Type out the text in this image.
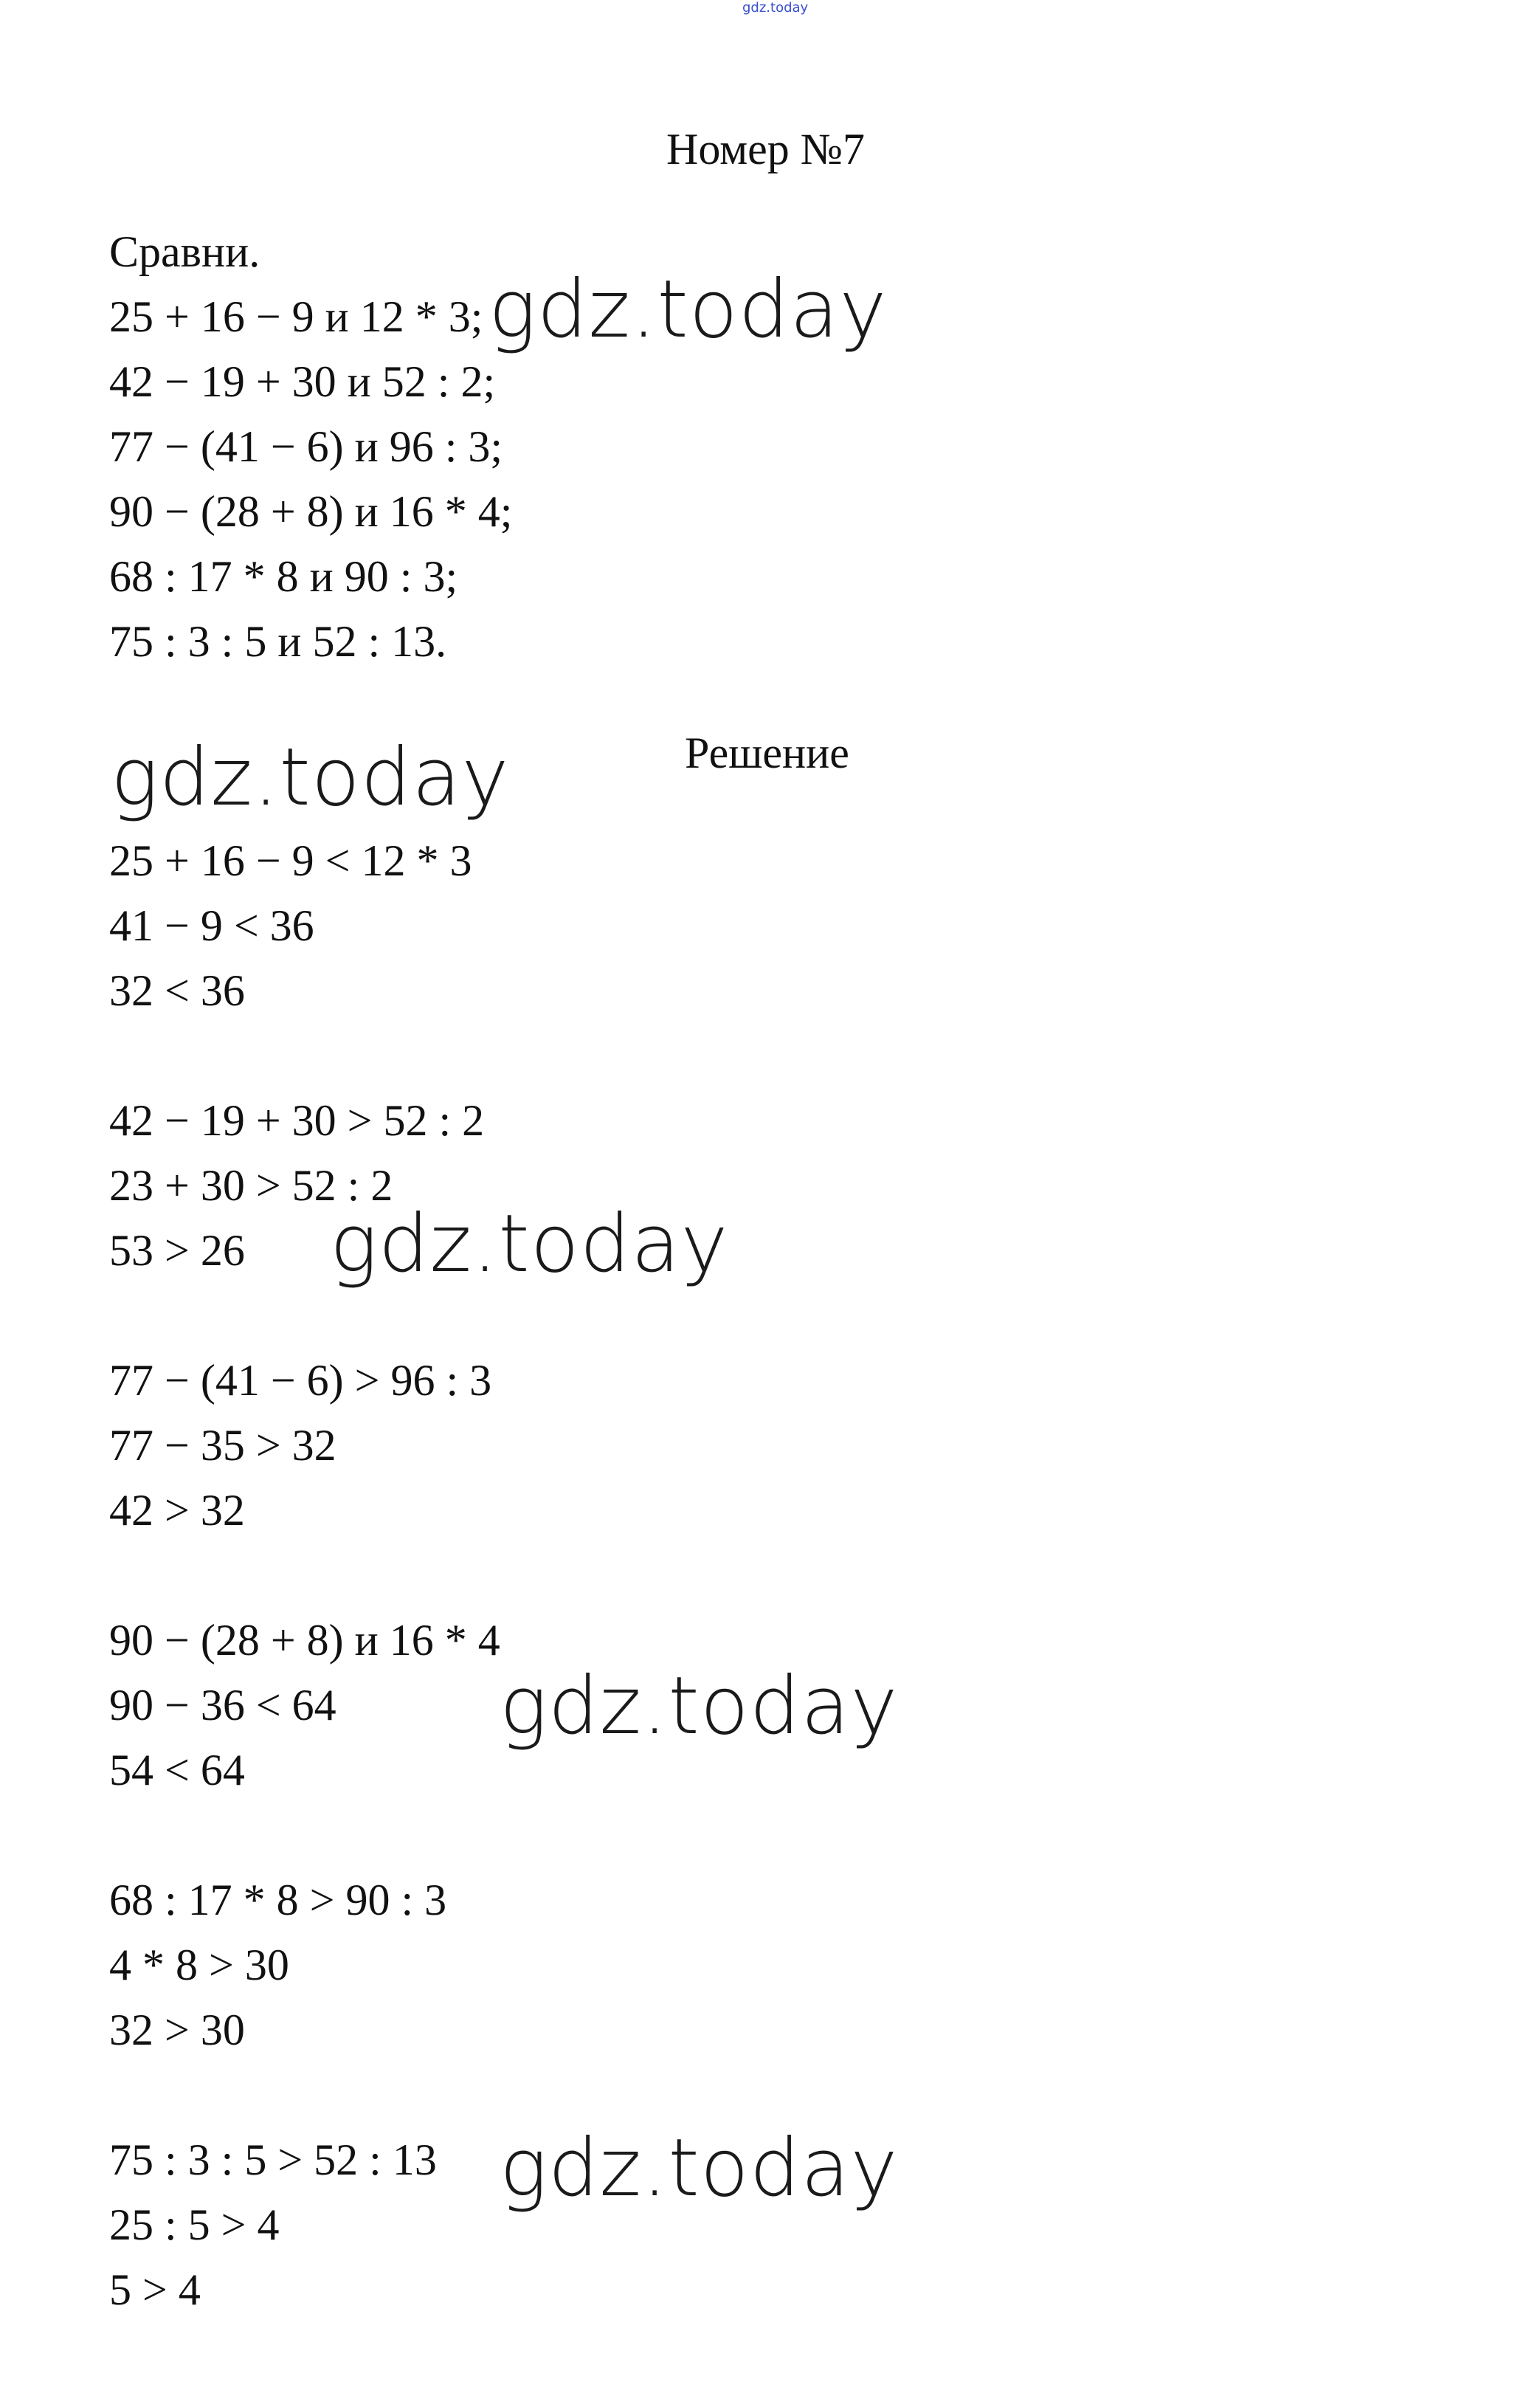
gdz.today
Номер №7
Сравни.
25 + 16 − 9 и 12 * 3;
42 − 19 + 30 и 52 : 2;
77 − (41 − 6) и 96 : 3;
90 − (28 + 8) и 16 * 4;
68 : 17 * 8 и 90 : 3;
75 : 3 : 5 и 52 : 13.
Решение
25 + 16 − 9 < 12 * 3
41 − 9 < 36
32 < 36
42 − 19 + 30 > 52 : 2
23 + 30 > 52 : 2
53 > 26
77 − (41 − 6) > 96 : 3
77 − 35 > 32
42 > 32
90 − (28 + 8) и 16 * 4
90 − 36 < 64
54 < 64
68 : 17 * 8 > 90 : 3
4 * 8 > 30
32 > 30
75 : 3 : 5 > 52 : 13
25 : 5 > 4
5 > 4
gdz.today
gdz.today
gdz.today
gdz.today
gdz.today
